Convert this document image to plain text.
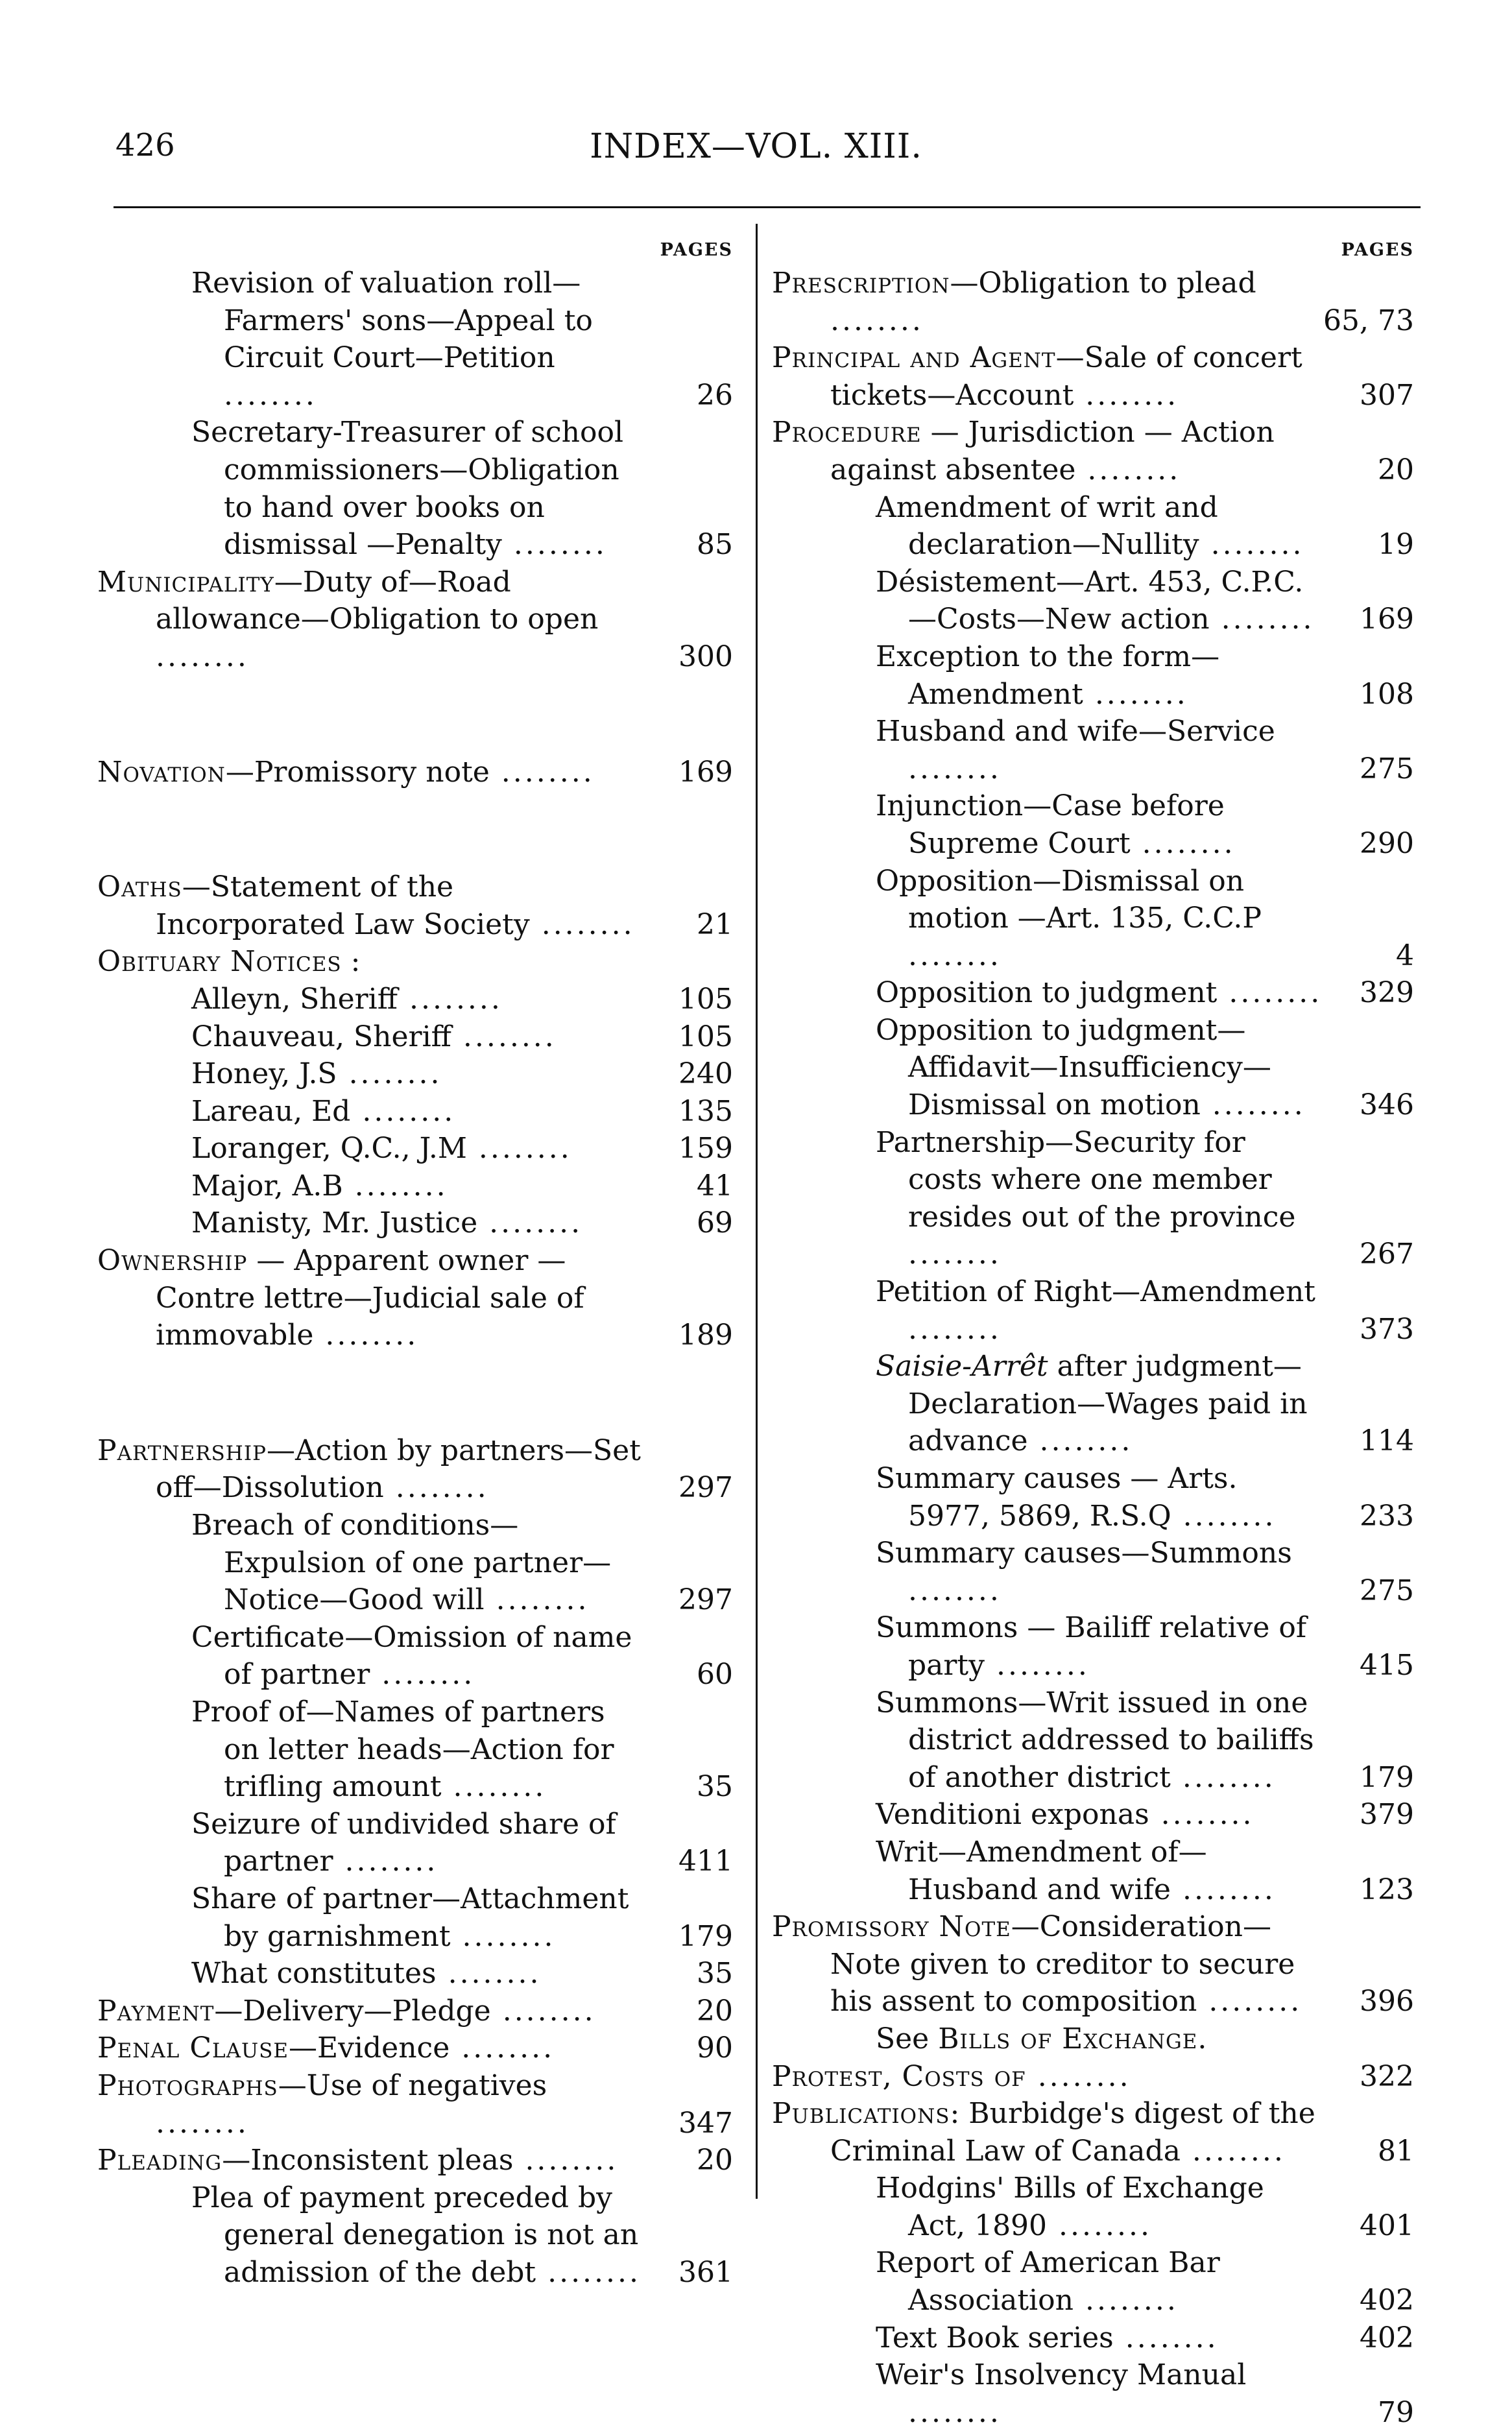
426	INDEX—VOL. XIII.
PAGES
Revision of valuation roll—Farmers' sons—Appeal to Circuit Court—Petition ........	26
Secretary-Treasurer of school commissioners—Obligation to hand over books on dismissal —Penalty ........	85
Municipality—Duty of—Road allowance—Obligation to open ........	300
Novation—Promissory note ........	169
Oaths—Statement of the Incorporated Law Society ........	21
Obituary Notices :
Alleyn, Sheriff ........	105
Chauveau, Sheriff ........	105
Honey, J.S ........	240
Lareau, Ed ........	135
Loranger, Q.C., J.M ........	159
Major, A.B ........	41
Manisty, Mr. Justice ........	69
Ownership — Apparent owner — Contre lettre—Judicial sale of immovable ........	189
Partnership—Action by partners—Set off—Dissolution ........	297
Breach of conditions—Expulsion of one partner—Notice—Good will ........	297
Certificate—Omission of name of partner ........	60
Proof of—Names of partners on letter heads—Action for trifling amount ........	35
Seizure of undivided share of partner ........	411
Share of partner—Attachment by garnishment ........	179
What constitutes ........	35
Payment—Delivery—Pledge ........	20
Penal Clause—Evidence ........	90
Photographs—Use of negatives ........	347
Pleading—Inconsistent pleas ........	20
Plea of payment preceded by general denegation is not an admission of the debt ........	361
PAGES
Prescription—Obligation to plead ........	65, 73
Principal and Agent—Sale of concert tickets—Account ........	307
Procedure — Jurisdiction — Action against absentee ........	20
Amendment of writ and declaration—Nullity ........	19
Désistement—Art. 453, C.P.C.—Costs—New action ........	169
Exception to the form—Amendment ........	108
Husband and wife—Service ........	275
Injunction—Case before Supreme Court ........	290
Opposition—Dismissal on motion —Art. 135, C.C.P ........	4
Opposition to judgment ........	329
Opposition to judgment—Affidavit—Insufficiency— Dismissal on motion ........	346
Partnership—Security for costs where one member resides out of the province ........	267
Petition of Right—Amendment ........	373
Saisie-Arrêt after judgment— Declaration—Wages paid in advance ........	114
Summary causes — Arts. 5977, 5869, R.S.Q ........	233
Summary causes—Summons ........	275
Summons — Bailiff relative of party ........	415
Summons—Writ issued in one district addressed to bailiffs of another district ........	179
Venditioni exponas ........	379
Writ—Amendment of—Husband and wife ........	123
Promissory Note—Consideration—Note given to creditor to secure his assent to composition ........	396
See Bills of Exchange.
Protest, Costs of ........	322
Publications: Burbidge's digest of the Criminal Law of Canada ........	81
Hodgins' Bills of Exchange Act, 1890 ........	401
Report of American Bar Association ........	402
Text Book series ........	402
Weir's Insolvency Manual ........	79
